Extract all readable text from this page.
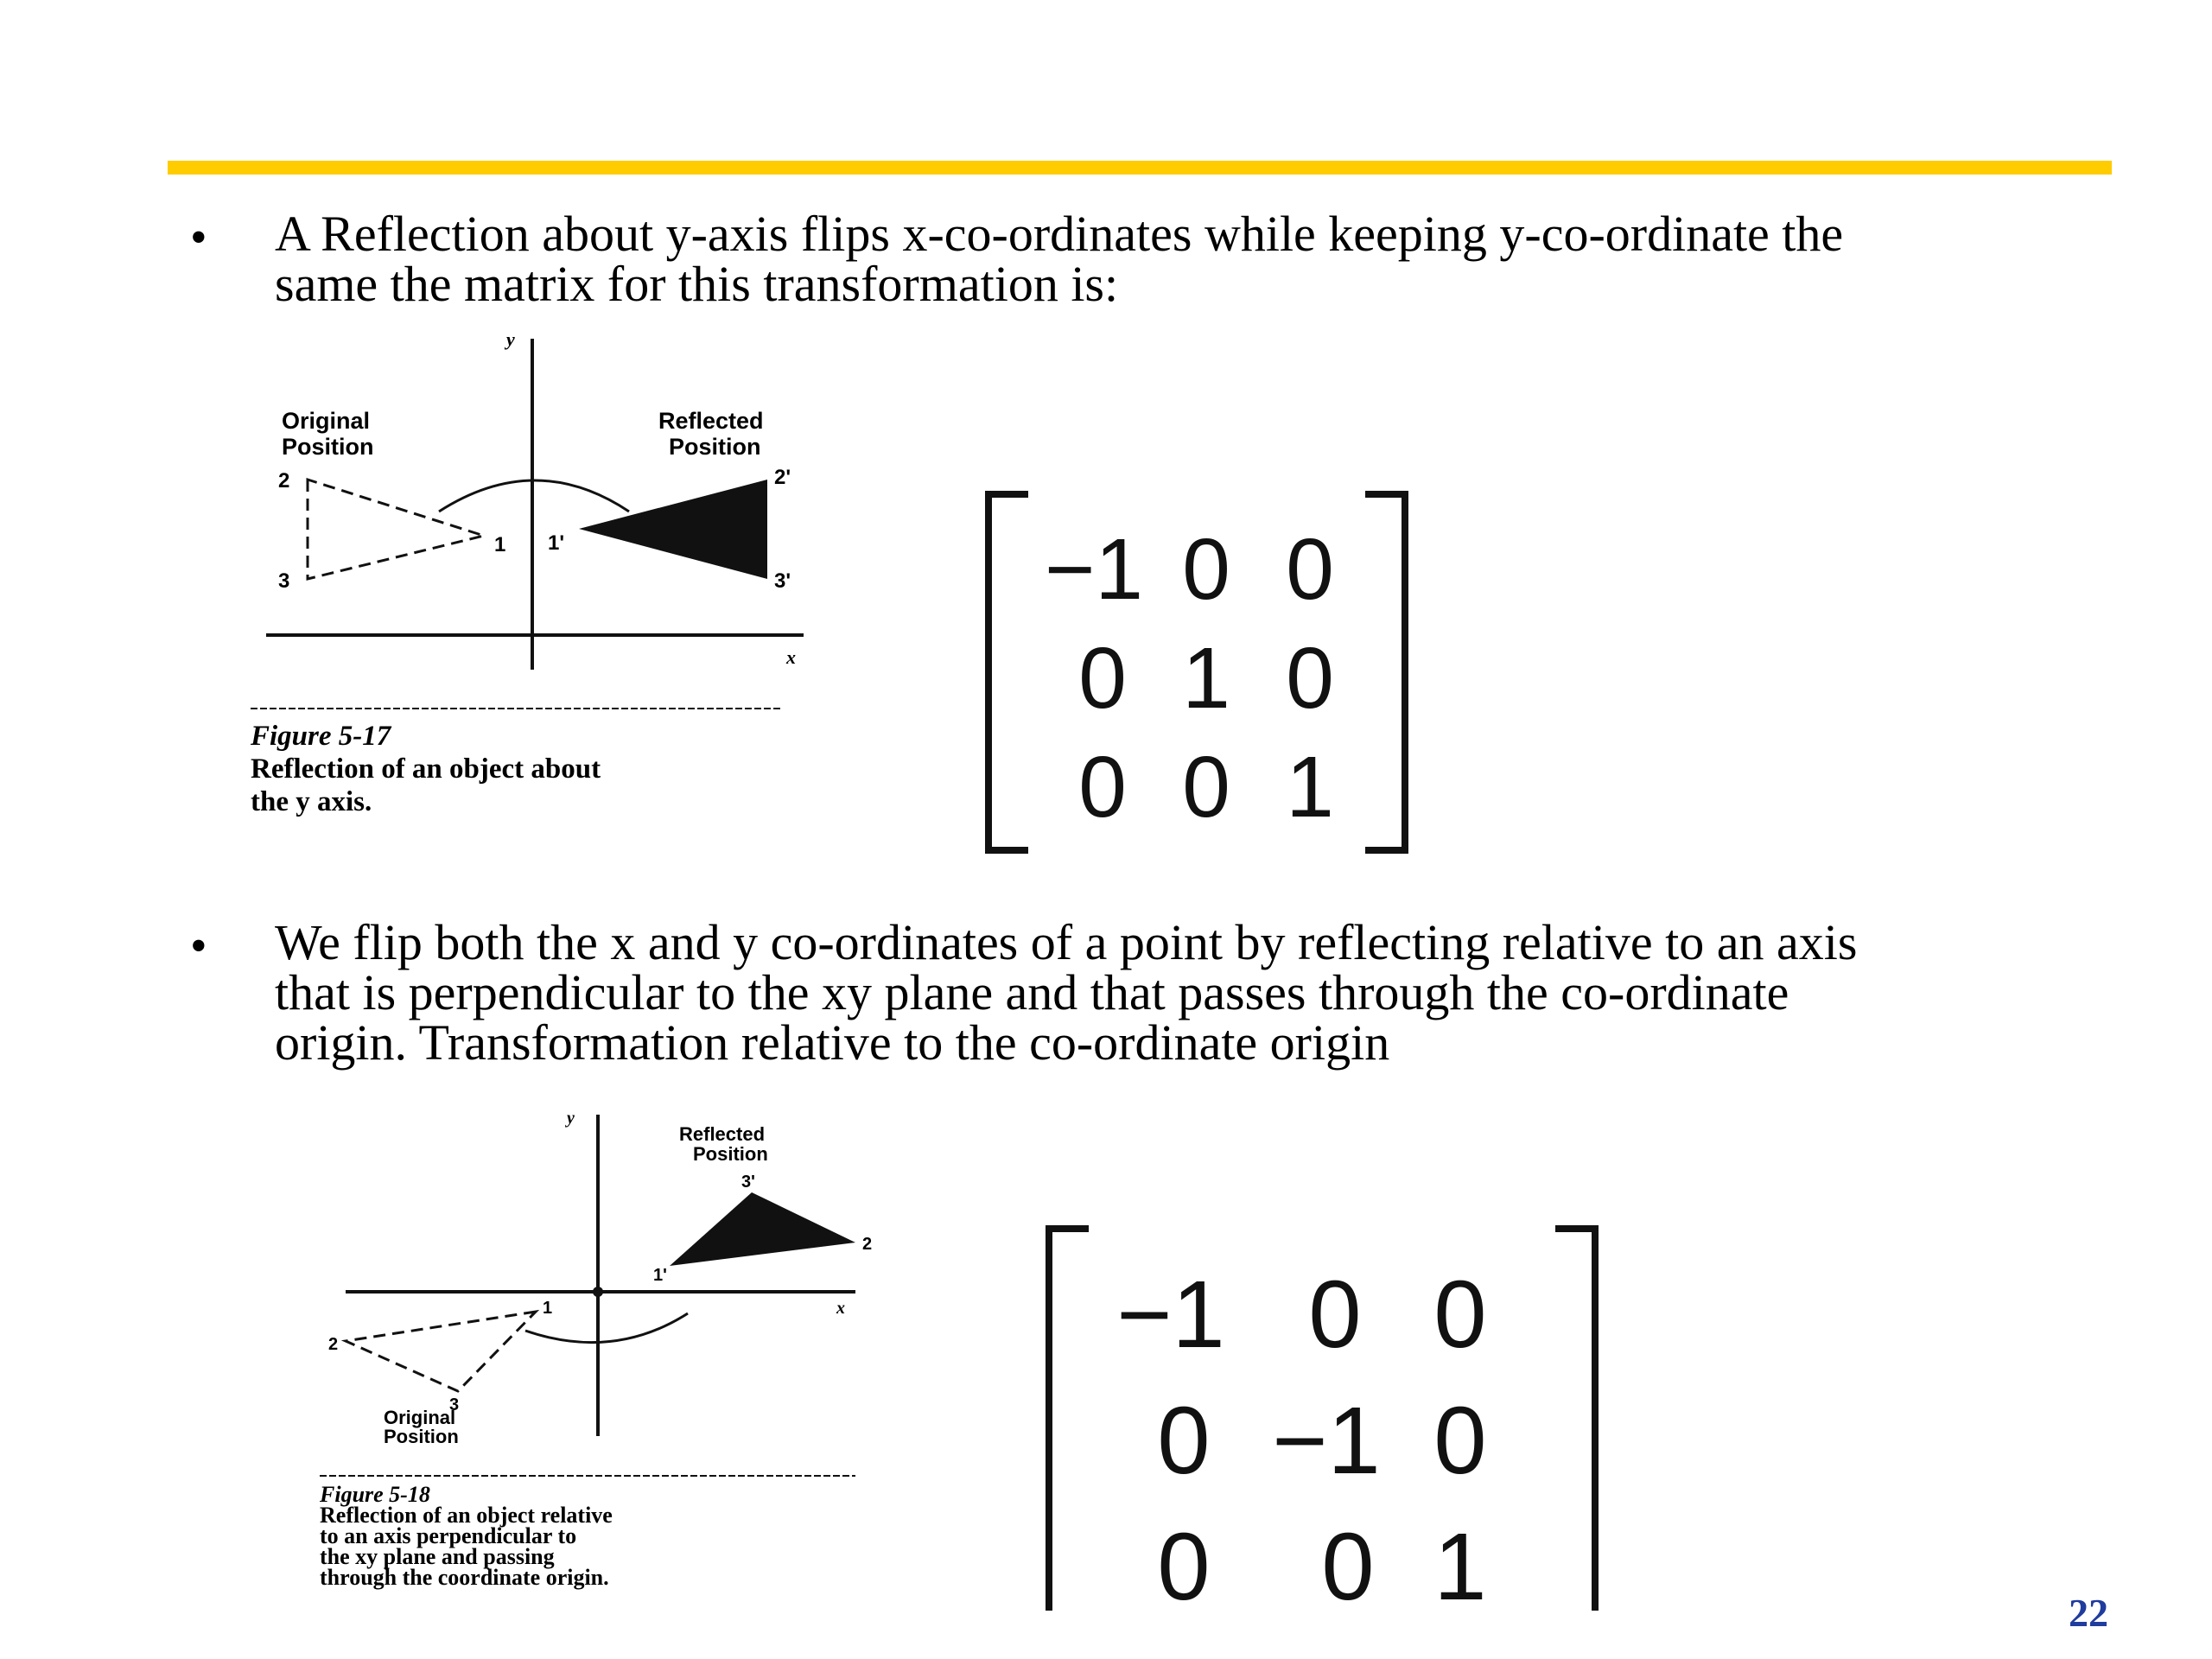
• A Reflection about y-axis flips x-co-ordinates while keeping y-co-ordinate the
same the matrix for this transformation is:

y
x
Original
Position
Reflected
Position
1
2
3
1'
2'
3'
Figure 5-17
Reflection of an object about
the y axis.
−1 0 0
0 1 0
0 0 1
• We flip both the x and y co-ordinates of a point by reflecting relative to an axis
that is perpendicular to the xy plane and that passes through the co-ordinate
origin. Transformation relative to the co-ordinate origin

y
x
Reflected
Position
Original
Position
1
2
3
1'
2
3'
Figure 5-18
Reflection of an object relative
to an axis perpendicular to
the xy plane and passing
through the coordinate origin.
−1 0 0
0 −1 0
0	0 1	22
